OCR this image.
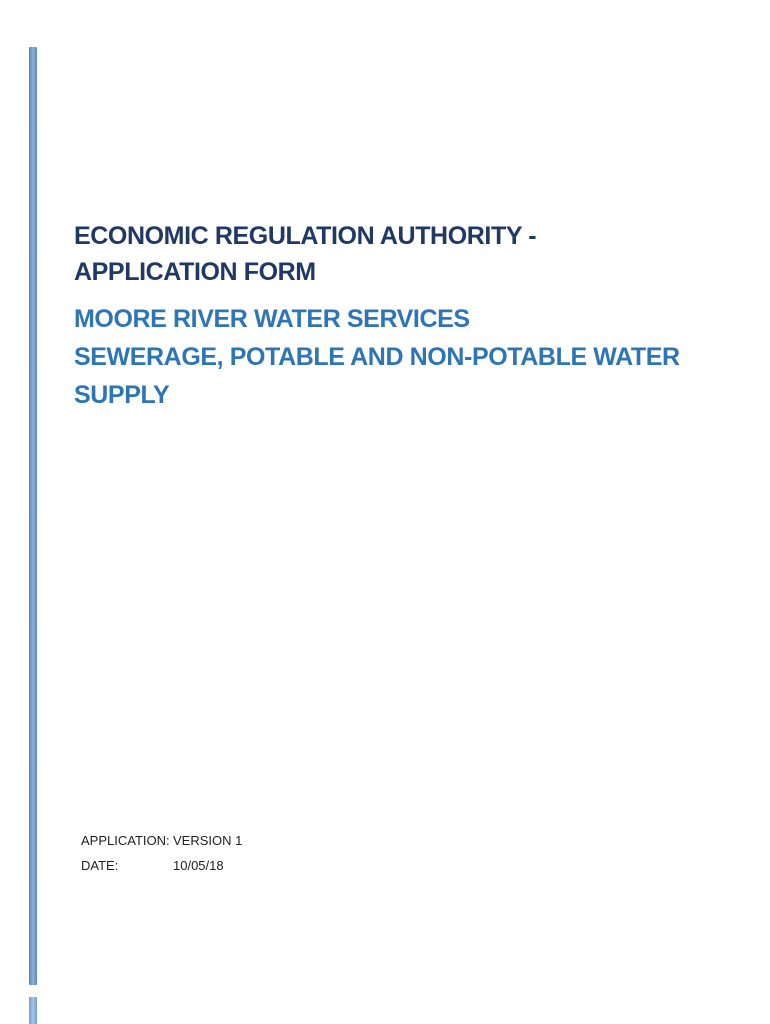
ECONOMIC REGULATION AUTHORITY -
APPLICATION FORM
MOORE RIVER WATER SERVICES
SEWERAGE, POTABLE AND NON-POTABLE WATER
SUPPLY
APPLICATION:	VERSION 1
DATE:	10/05/18
